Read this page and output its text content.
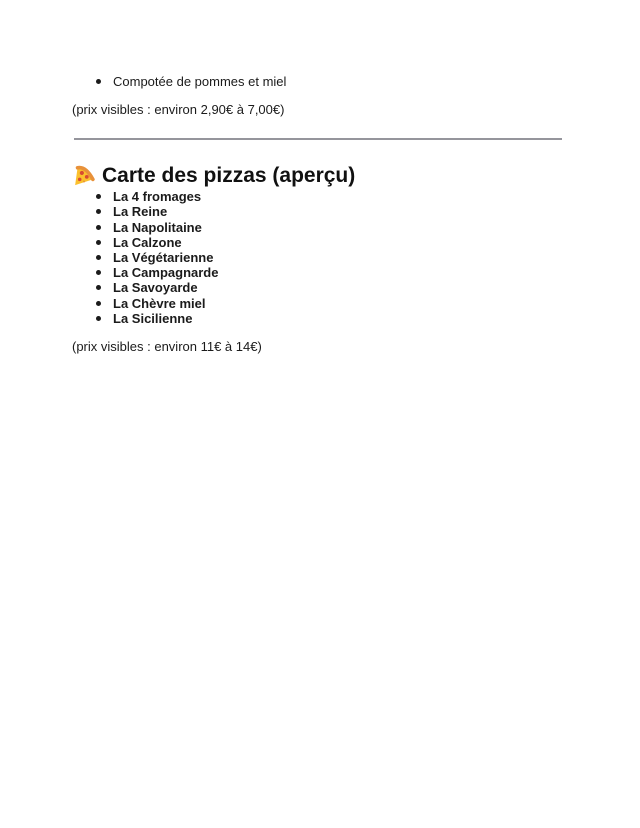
Compotée de pommes et miel

(prix visibles : environ 2,90€ à 7,00€)

Carte des pizzas (aperçu)
La 4 fromages
La Reine
La Napolitaine
La Calzone
La Végétarienne
La Campagnarde
La Savoyarde
La Chèvre miel
La Sicilienne

(prix visibles : environ 11€ à 14€)
